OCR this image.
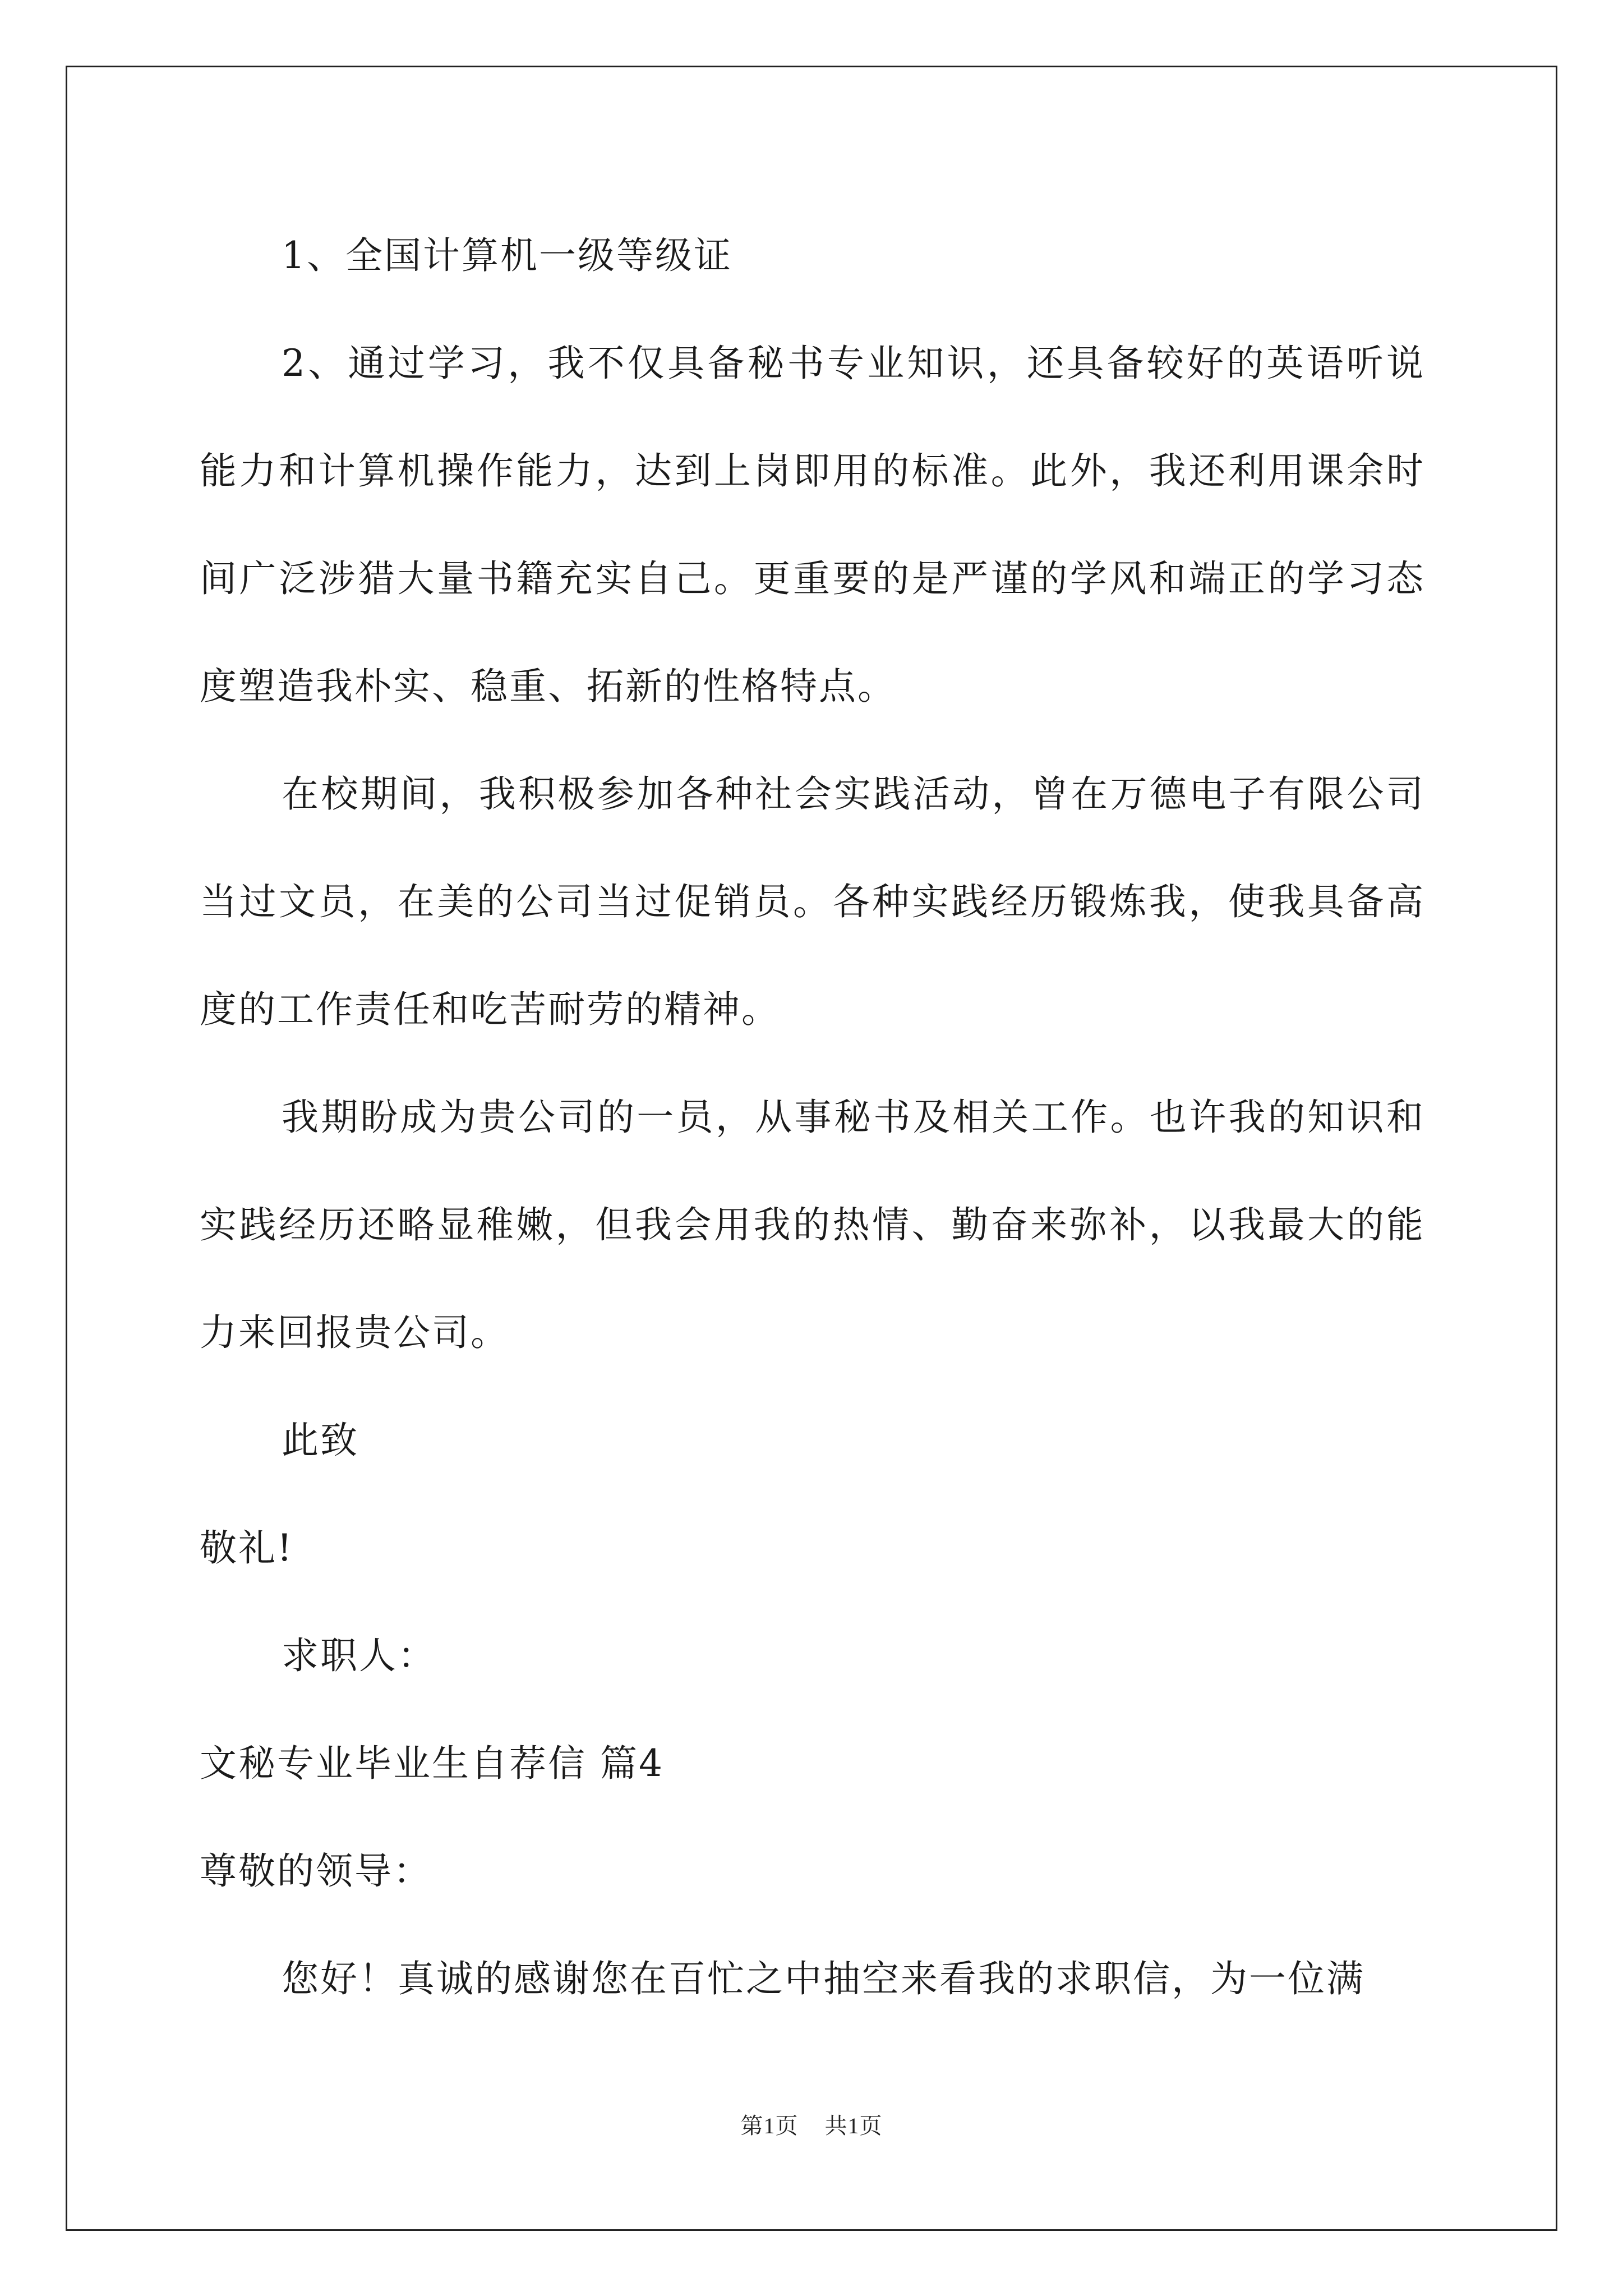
1、全国计算机一级等级证

2、通过学习，我不仅具备秘书专业知识，还具备较好的英语听说能力和计算机操作能力，达到上岗即用的标准。此外，我还利用课余时间广泛涉猎大量书籍充实自己。更重要的是严谨的学风和端正的学习态度塑造我朴实、稳重、拓新的性格特点。

在校期间，我积极参加各种社会实践活动，曾在万德电子有限公司当过文员，在美的公司当过促销员。各种实践经历锻炼我，使我具备高度的工作责任和吃苦耐劳的精神。

我期盼成为贵公司的一员，从事秘书及相关工作。也许我的知识和实践经历还略显稚嫩，但我会用我的热情、勤奋来弥补，以我最大的能力来回报贵公司。

此致

敬礼!

求职人：

文秘专业毕业生自荐信 篇4

尊敬的领导：

您好！真诚的感谢您在百忙之中抽空来看我的求职信，为一位满

第1页 共1页
